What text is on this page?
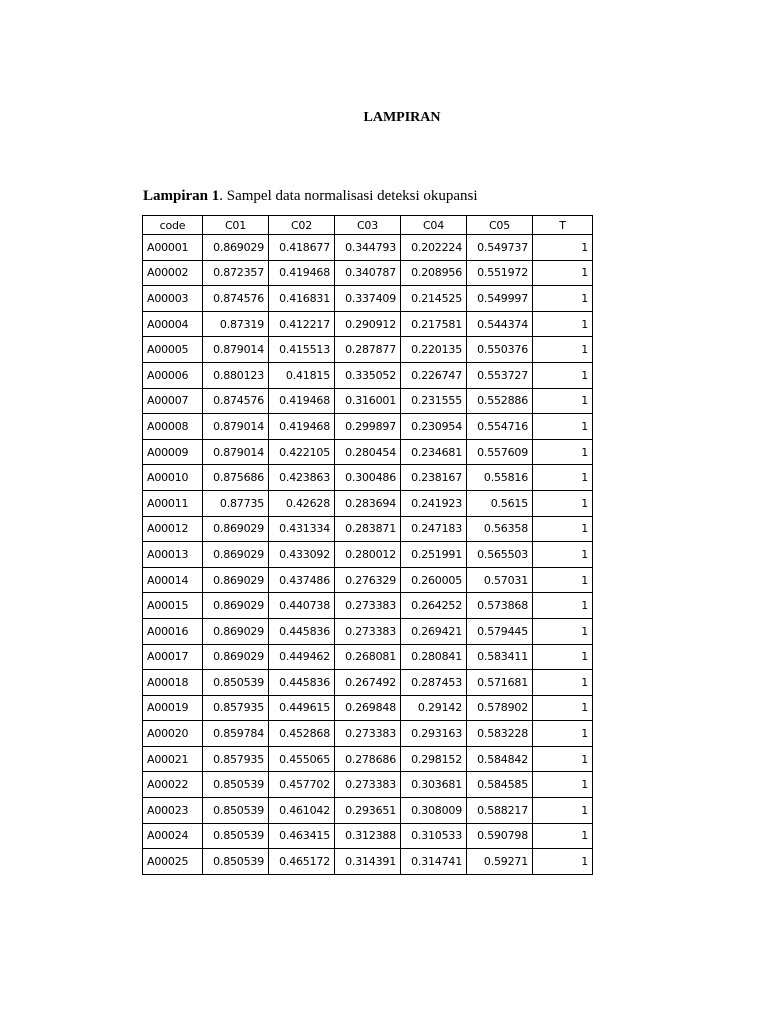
LAMPIRAN
Lampiran 1. Sampel data normalisasi deteksi okupansi
code	C01	C02	C03	C04	C05	T
A00001	0.869029	0.418677	0.344793	0.202224	0.549737	1
A00002	0.872357	0.419468	0.340787	0.208956	0.551972	1
A00003	0.874576	0.416831	0.337409	0.214525	0.549997	1
A00004	0.87319	0.412217	0.290912	0.217581	0.544374	1
A00005	0.879014	0.415513	0.287877	0.220135	0.550376	1
A00006	0.880123	0.41815	0.335052	0.226747	0.553727	1
A00007	0.874576	0.419468	0.316001	0.231555	0.552886	1
A00008	0.879014	0.419468	0.299897	0.230954	0.554716	1
A00009	0.879014	0.422105	0.280454	0.234681	0.557609	1
A00010	0.875686	0.423863	0.300486	0.238167	0.55816	1
A00011	0.87735	0.42628	0.283694	0.241923	0.5615	1
A00012	0.869029	0.431334	0.283871	0.247183	0.56358	1
A00013	0.869029	0.433092	0.280012	0.251991	0.565503	1
A00014	0.869029	0.437486	0.276329	0.260005	0.57031	1
A00015	0.869029	0.440738	0.273383	0.264252	0.573868	1
A00016	0.869029	0.445836	0.273383	0.269421	0.579445	1
A00017	0.869029	0.449462	0.268081	0.280841	0.583411	1
A00018	0.850539	0.445836	0.267492	0.287453	0.571681	1
A00019	0.857935	0.449615	0.269848	0.29142	0.578902	1
A00020	0.859784	0.452868	0.273383	0.293163	0.583228	1
A00021	0.857935	0.455065	0.278686	0.298152	0.584842	1
A00022	0.850539	0.457702	0.273383	0.303681	0.584585	1
A00023	0.850539	0.461042	0.293651	0.308009	0.588217	1
A00024	0.850539	0.463415	0.312388	0.310533	0.590798	1
A00025	0.850539	0.465172	0.314391	0.314741	0.59271	1
